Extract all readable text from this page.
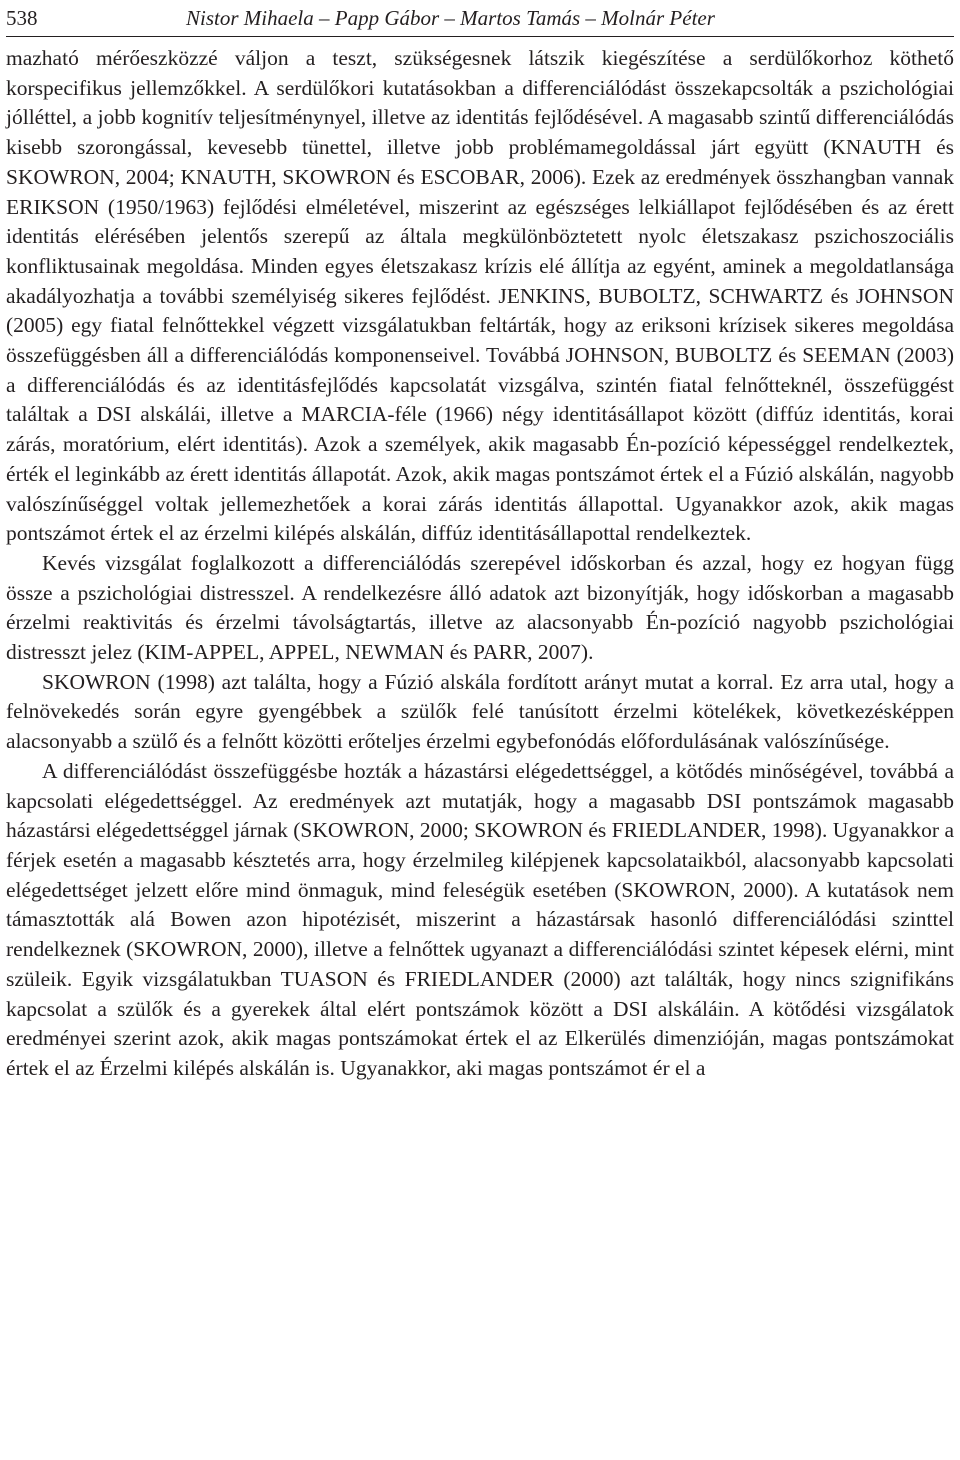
538	Nistor Mihaela – Papp Gábor – Martos Tamás – Molnár Péter

mazható mérőeszközzé váljon a teszt, szükségesnek látszik kiegészítése a serdülőkorhoz köthető korspecifikus jellemzőkkel. A serdülőkori kutatásokban a differenciálódást összekapcsolták a pszichológiai jólléttel, a jobb kognitív teljesítménynyel, illetve az identitás fejlődésével. A magasabb szintű differenciálódás kisebb szorongással, kevesebb tünettel, illetve jobb problémamegoldással járt együtt (KNAUTH és SKOWRON, 2004; KNAUTH, SKOWRON és ESCOBAR, 2006). Ezek az eredmények összhangban vannak ERIKSON (1950/1963) fejlődési elméletével, miszerint az egészséges lelkiállapot fejlődésében és az érett identitás elérésében jelentős szerepű az általa megkülönböztetett nyolc életszakasz pszichoszociális konfliktusainak megoldása. Minden egyes életszakasz krízis elé állítja az egyént, aminek a megoldatlansága akadályozhatja a további személyiség sikeres fejlődést. JENKINS, BUBOLTZ, SCHWARTZ és JOHNSON (2005) egy fiatal felnőttekkel végzett vizsgálatukban feltárták, hogy az eriksoni krízisek sikeres megoldása összefüggésben áll a differenciálódás komponenseivel. Továbbá JOHNSON, BUBOLTZ és SEEMAN (2003) a differenciálódás és az identitásfejlődés kapcsolatát vizsgálva, szintén fiatal felnőtteknél, összefüggést találtak a DSI alskálái, illetve a MARCIA-féle (1966) négy identitásállapot között (diffúz identitás, korai zárás, moratórium, elért identitás). Azok a személyek, akik magasabb Én-pozíció képességgel rendelkeztek, érték el leginkább az érett identitás állapotát. Azok, akik magas pontszámot értek el a Fúzió alskálán, nagyobb valószínűséggel voltak jellemezhetőek a korai zárás identitás állapottal. Ugyanakkor azok, akik magas pontszámot értek el az érzelmi kilépés alskálán, diffúz identitásállapottal rendelkeztek.

Kevés vizsgálat foglalkozott a differenciálódás szerepével időskorban és azzal, hogy ez hogyan függ össze a pszichológiai distresszel. A rendelkezésre álló adatok azt bizonyítják, hogy időskorban a magasabb érzelmi reaktivitás és érzelmi távolságtartás, illetve az alacsonyabb Én-pozíció nagyobb pszichológiai distresszt jelez (KIM-APPEL, APPEL, NEWMAN és PARR, 2007).

SKOWRON (1998) azt találta, hogy a Fúzió alskála fordított arányt mutat a korral. Ez arra utal, hogy a felnövekedés során egyre gyengébbek a szülők felé tanúsított érzelmi kötelékek, következésképpen alacsonyabb a szülő és a felnőtt közötti erőteljes érzelmi egybefonódás előfordulásának valószínűsége.

A differenciálódást összefüggésbe hozták a házastársi elégedettséggel, a kötődés minőségével, továbbá a kapcsolati elégedettséggel. Az eredmények azt mutatják, hogy a magasabb DSI pontszámok magasabb házastársi elégedettséggel járnak (SKOWRON, 2000; SKOWRON és FRIEDLANDER, 1998). Ugyanakkor a férjek esetén a magasabb késztetés arra, hogy érzelmileg kilépjenek kapcsolataikból, alacsonyabb kapcsolati elégedettséget jelzett előre mind önmaguk, mind feleségük esetében (SKOWRON, 2000). A kutatások nem támasztották alá Bowen azon hipotézisét, miszerint a házastársak hasonló differenciálódási szinttel rendelkeznek (SKOWRON, 2000), illetve a felnőttek ugyanazt a differenciálódási szintet képesek elérni, mint szüleik. Egyik vizsgálatukban TUASON és FRIEDLANDER (2000) azt találták, hogy nincs szignifikáns kapcsolat a szülők és a gyerekek által elért pontszámok között a DSI alskáláin. A kötődési vizsgálatok eredményei szerint azok, akik magas pontszámokat értek el az Elkerülés dimenzióján, magas pontszámokat értek el az Érzelmi kilépés alskálán is. Ugyanakkor, aki magas pontszámot ér el a
